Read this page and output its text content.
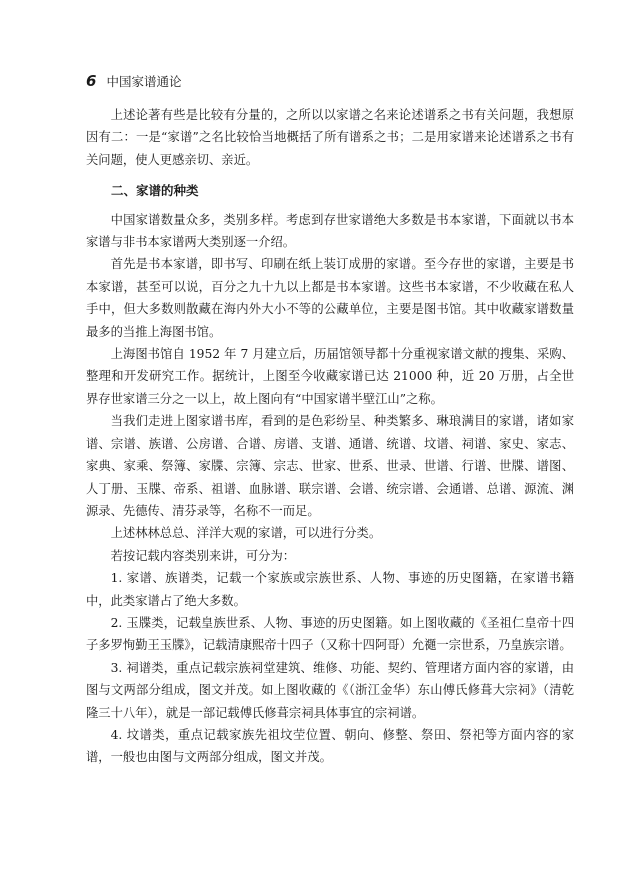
6 中国家谱通论

上述论著有些是比较有分量的，之所以以家谱之名来论述谱系之书有关问题，我想原因有二：一是“家谱”之名比较恰当地概括了所有谱系之书；二是用家谱来论述谱系之书有关问题，使人更感亲切、亲近。

二、家谱的种类

中国家谱数量众多，类别多样。考虑到存世家谱绝大多数是书本家谱，下面就以书本家谱与非书本家谱两大类别逐一介绍。

首先是书本家谱，即书写、印刷在纸上装订成册的家谱。至今存世的家谱，主要是书本家谱，甚至可以说，百分之九十九以上都是书本家谱。这些书本家谱，不少收藏在私人手中，但大多数则散藏在海内外大小不等的公藏单位，主要是图书馆。其中收藏家谱数量最多的当推上海图书馆。

上海图书馆自 1952 年 7 月建立后，历届馆领导都十分重视家谱文献的搜集、采购、整理和开发研究工作。据统计，上图至今收藏家谱已达 21000 种，近 20 万册，占全世界存世家谱三分之一以上，故上图向有“中国家谱半壁江山”之称。

当我们走进上图家谱书库，看到的是色彩纷呈、种类繁多、琳琅满目的家谱，诸如家谱、宗谱、族谱、公房谱、合谱、房谱、支谱、通谱、统谱、坟谱、祠谱、家史、家志、家典、家乘、祭簿、家牒、宗簿、宗志、世家、世系、世录、世谱、行谱、世牒、谱图、人丁册、玉牒、帝系、祖谱、血脉谱、联宗谱、会谱、统宗谱、会通谱、总谱、源流、渊源录、先德传、清芬录等，名称不一而足。

上述林林总总、洋洋大观的家谱，可以进行分类。

若按记载内容类别来讲，可分为：

1. 家谱、族谱类，记载一个家族或宗族世系、人物、事迹的历史图籍，在家谱书籍中，此类家谱占了绝大多数。

2. 玉牒类，记载皇族世系、人物、事迹的历史图籍。如上图收藏的《圣祖仁皇帝十四子多罗恂勤王玉牒》，记载清康熙帝十四子（又称十四阿哥）允禵一宗世系，乃皇族宗谱。

3. 祠谱类，重点记载宗族祠堂建筑、维修、功能、契约、管理诸方面内容的家谱，由图与文两部分组成，图文并茂。如上图收藏的《（浙江金华）东山傅氏修葺大宗祠》（清乾隆三十八年），就是一部记载傅氏修葺宗祠具体事宜的宗祠谱。

4. 坟谱类，重点记载家族先祖坟茔位置、朝向、修整、祭田、祭祀等方面内容的家谱，一般也由图与文两部分组成，图文并茂。
